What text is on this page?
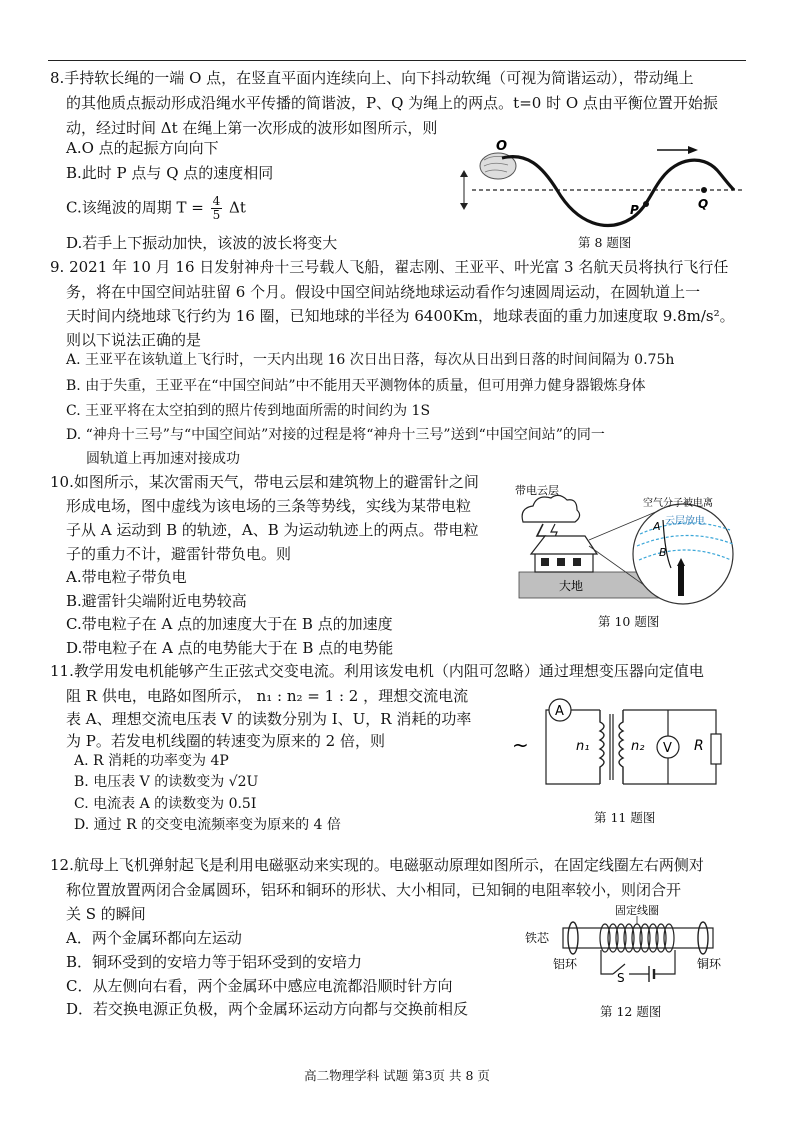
8.手持软长绳的一端 O 点，在竖直平面内连续向上、向下抖动软绳（可视为简谐运动），带动绳上
的其他质点振动形成沿绳水平传播的简谐波，P、Q 为绳上的两点。t=0 时 O 点由平衡位置开始振
动，经过时间 Δt 在绳上第一次形成的波形如图所示，则
A.O 点的起振方向向下
B.此时 P 点与 Q 点的速度相同
C.该绳波的周期 $T = \frac{4}{5}$ Δt
D.若手上下振动加快，该波的波长将变大
O
P	Q
第 8 题图
9. 2021 年 10 月 16 日发射神舟十三号载人飞船，翟志刚、王亚平、叶光富 3 名航天员将执行飞行任
务，将在中国空间站驻留 6 个月。假设中国空间站绕地球运动看作匀速圆周运动，在圆轨道上一
天时间内绕地球飞行约为 16 圈，已知地球的半径为 6400Km，地球表面的重力加速度取 9.8m/s²。
则以下说法正确的是
A. 王亚平在该轨道上飞行时，一天内出现 16 次日出日落，每次从日出到日落的时间间隔为 0.75h
B. 由于失重，王亚平在“中国空间站”中不能用天平测物体的质量，但可用弹力健身器锻炼身体
C. 王亚平将在太空拍到的照片传到地面所需的时间约为 1S
D. “神舟十三号”与“中国空间站”对接的过程是将“神舟十三号”送到“中国空间站”的同一
圆轨道上再加速对接成功
10.如图所示，某次雷雨天气，带电云层和建筑物上的避雷针之间
形成电场，图中虚线为该电场的三条等势线，实线为某带电粒
子从 A 运动到 B 的轨迹，A、B 为运动轨迹上的两点。带电粒
子的重力不计，避雷针带负电。则
A.带电粒子带负电
B.避雷针尖端附近电势较高
C.带电粒子在 A 点的加速度大于在 B 点的加速度
D.带电粒子在 A 点的电势能大于在 B 点的电势能
带电云层
空气分子被电离
云层放电
A
B
大地
第 10 题图
11.教学用发电机能够产生正弦式交变电流。利用该发电机（内阻可忽略）通过理想变压器向定值电
阻 R 供电，电路如图所示， n₁ : n₂ = 1 : 2 ，理想交流电流
表 A、理想交流电压表 V 的读数分别为 I、U，R 消耗的功率
为 P。若发电机线圈的转速变为原来的 2 倍，则
A. R 消耗的功率变为 4P
B. 电压表 V 的读数变为 √2U
C. 电流表 A 的读数变为 0.5I
D. 通过 R 的交变电流频率变为原来的 4 倍
A
~	V R
n₁	n₂
第 11 题图
12.航母上飞机弹射起飞是利用电磁驱动来实现的。电磁驱动原理如图所示，在固定线圈左右两侧对
称位置放置两闭合金属圆环，铝环和铜环的形状、大小相同，已知铜的电阻率较小，则闭合开
关 S 的瞬间
A．两个金属环都向左运动
B．铜环受到的安培力等于铝环受到的安培力
C．从左侧向右看，两个金属环中感应电流都沿顺时针方向
D．若交换电源正负极，两个金属环运动方向都与交换前相反
固定线圈
铁芯
铝环	铜环
S
第 12 题图
高二物理学科 试题 第3页 共 8 页
